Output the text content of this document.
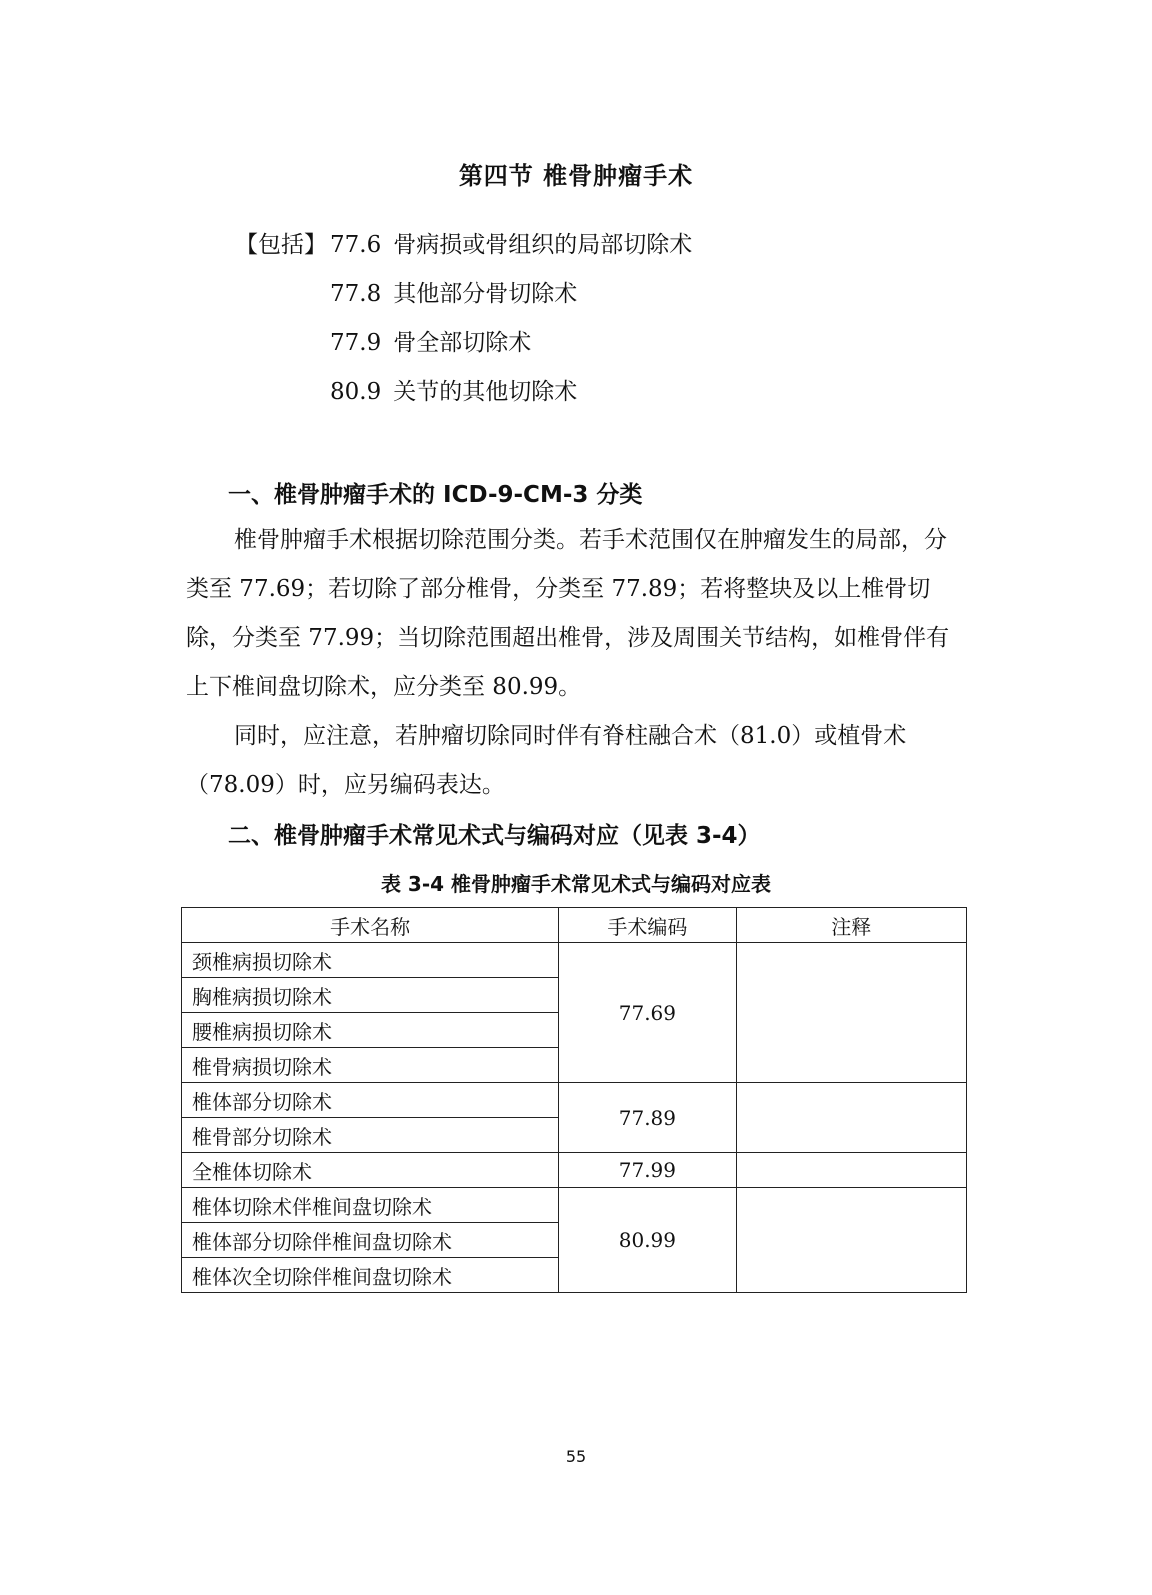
第四节 椎骨肿瘤手术
【包括】 77.6 骨病损或骨组织的局部切除术
77.8 其他部分骨切除术
77.9 骨全部切除术
80.9 关节的其他切除术
一、椎骨肿瘤手术的 ICD-9-CM-3 分类

椎骨肿瘤手术根据切除范围分类。若手术范围仅在肿瘤发生的局部，分类至 77.69；若切除了部分椎骨，分类至 77.89；若将整块及以上椎骨切除，分类至 77.99；当切除范围超出椎骨，涉及周围关节结构，如椎骨伴有上下椎间盘切除术，应分类至 80.99。

同时，应注意，若肿瘤切除同时伴有脊柱融合术（81.0）或植骨术（78.09）时，应另编码表达。

二、椎骨肿瘤手术常见术式与编码对应（见表 3-4）
表 3-4 椎骨肿瘤手术常见术式与编码对应表
手术名称	手术编码	注释
颈椎病损切除术	77.69	
胸椎病损切除术		
腰椎病损切除术		
椎骨病损切除术		
椎体部分切除术	77.89	
椎骨部分切除术		
全椎体切除术	77.99	
椎体切除术伴椎间盘切除术	80.99	
椎体部分切除伴椎间盘切除术		
椎体次全切除伴椎间盘切除术		
55
